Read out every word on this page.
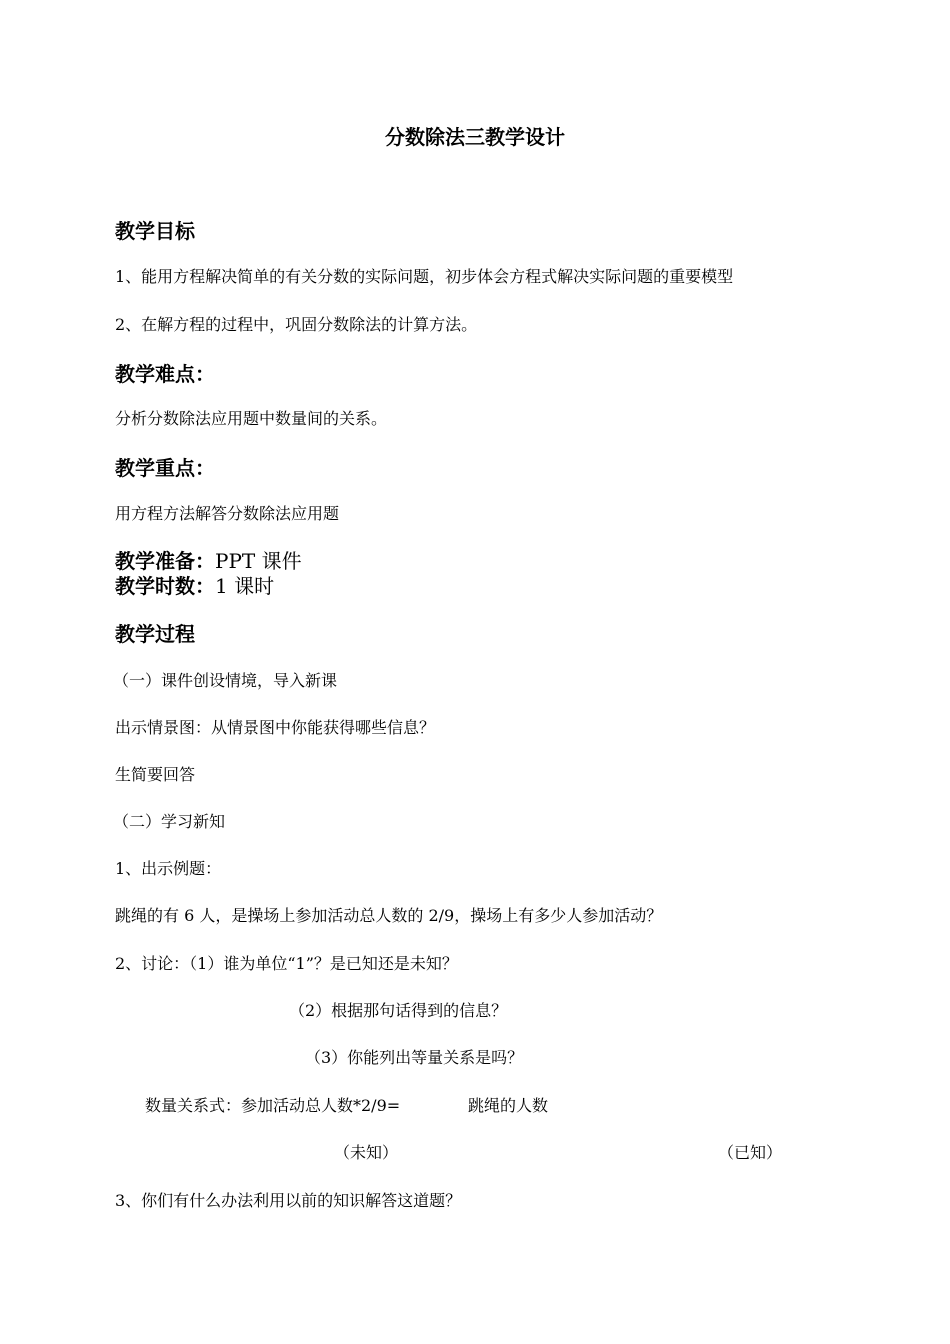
分数除法三教学设计
教学目标
1、能用方程解决简单的有关分数的实际问题，初步体会方程式解决实际问题的重要模型
2、在解方程的过程中，巩固分数除法的计算方法。
教学难点：
分析分数除法应用题中数量间的关系。
教学重点：
用方程方法解答分数除法应用题
教学准备：PPT 课件
教学时数：1 课时
教学过程
（一）课件创设情境，导入新课
出示情景图：从情景图中你能获得哪些信息？
生简要回答
（二）学习新知
1、出示例题：
跳绳的有 6 人，是操场上参加活动总人数的 2/9，操场上有多少人参加活动？
2、讨论：（1）谁为单位“1”？是已知还是未知？
（2）根据那句话得到的信息？
（3）你能列出等量关系是吗？
数量关系式：参加活动总人数*2/9=	跳绳的人数
（未知）	（已知）
3、你们有什么办法利用以前的知识解答这道题？
